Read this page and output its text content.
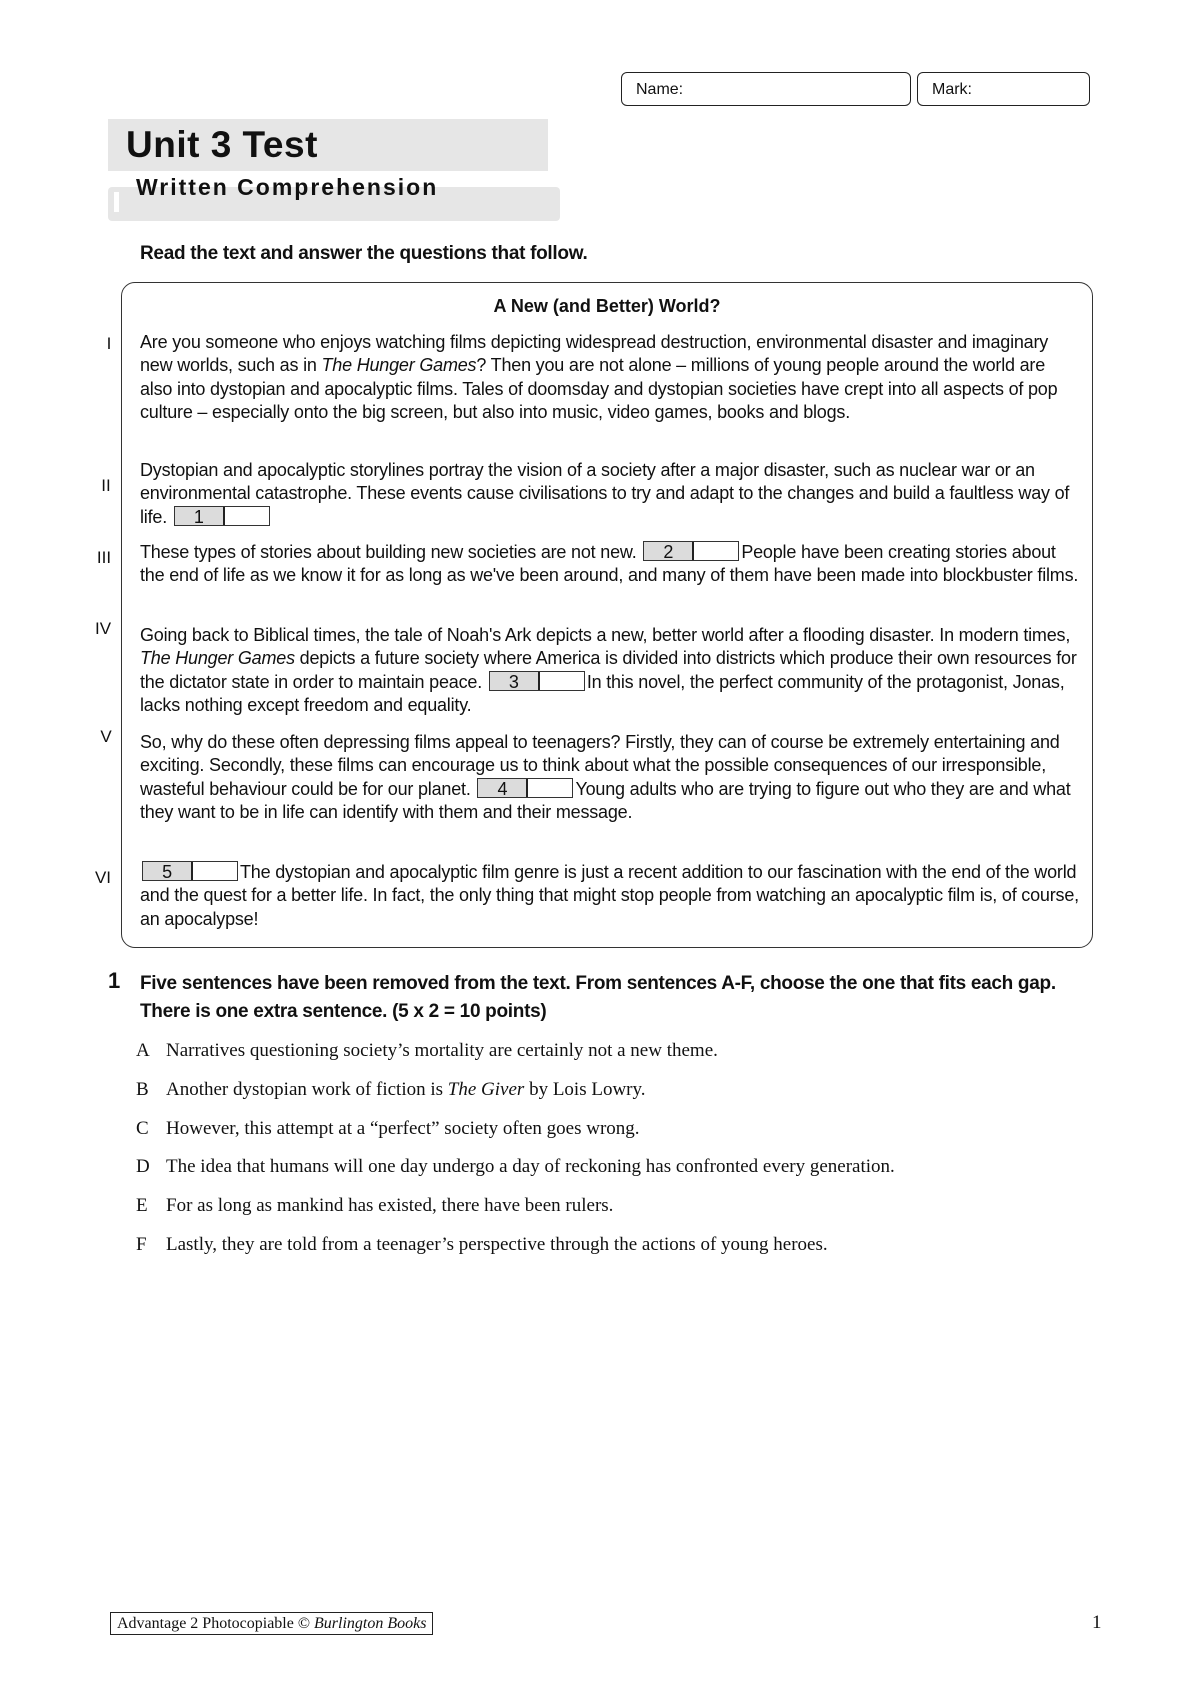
Name:	Mark:
Unit 3 Test
Written Comprehension
Read the text and answer the questions that follow.
A New (and Better) World?
I	Are you someone who enjoys watching films depicting widespread destruction, environmental disaster and imaginary new worlds, such as in The Hunger Games? Then you are not alone – millions of young people around the world are also into dystopian and apocalyptic films. Tales of doomsday and dystopian societies have crept into all aspects of pop culture – especially onto the big screen, but also into music, video games, books and blogs.
II
Dystopian and apocalyptic storylines portray the vision of a society after a major disaster, such as nuclear war or an environmental catastrophe. These events cause civilisations to try and adapt to the changes and build a faultless way of life.	1
III	These types of stories about building new societies are not new.	2	People have been creating stories about the end of life as we know it for as long as we've been around, and many of them have been made into blockbuster films.
IV	Going back to Biblical times, the tale of Noah's Ark depicts a new, better world after a flooding disaster. In modern times, The Hunger Games depicts a future society where America is divided into districts which produce their own resources for the dictator state in order to maintain peace.	3	In this novel, the perfect community of the protagonist, Jonas, lacks nothing except freedom and equality.
V	So, why do these often depressing films appeal to teenagers? Firstly, they can of course be extremely entertaining and exciting. Secondly, these films can encourage us to think about what the possible consequences of our irresponsible, wasteful behaviour could be for our planet.	4	Young adults who are trying to figure out who they are and what they want to be in life can identify with them and their message.
VI	5	The dystopian and apocalyptic film genre is just a recent addition to our fascination with the end of the world and the quest for a better life. In fact, the only thing that might stop people from watching an apocalyptic film is, of course, an apocalypse!
1 Five sentences have been removed from the text. From sentences A-F, choose the one that fits each gap. There is one extra sentence. (5 x 2 = 10 points)
A Narratives questioning society’s mortality are certainly not a new theme.
B Another dystopian work of fiction is The Giver by Lois Lowry.
C However, this attempt at a “perfect” society often goes wrong.
D The idea that humans will one day undergo a day of reckoning has confronted every generation.
E For as long as mankind has existed, there have been rulers.
F Lastly, they are told from a teenager’s perspective through the actions of young heroes.
Advantage 2 Photocopiable © Burlington Books	1
